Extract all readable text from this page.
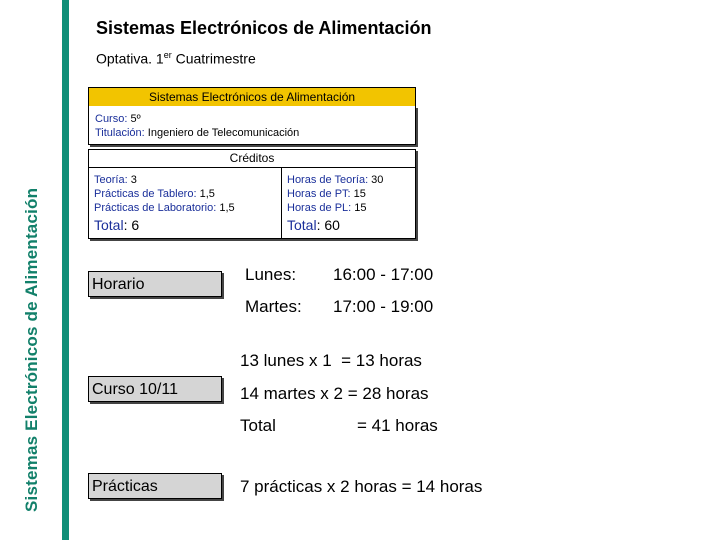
Sistemas Electrónicos de Alimentación
Sistemas Electrónicos de Alimentación
Optativa. 1er Cuatrimestre
Sistemas Electrónicos de Alimentación
Curso: 5º
Titulación: Ingeniero de Telecomunicación
Créditos
Teoría: 3
Prácticas de Tablero: 1,5
Prácticas de Laboratorio: 1,5
Total: 6
Horas de Teoría: 30
Horas de PT: 15
Horas de PL: 15
Total: 60
Horario
Lunes: 16:00 - 17:00
Martes: 17:00 - 19:00
Curso 10/11
13 lunes x 1  = 13 horas
14 martes x 2 = 28 horas
Total	= 41 horas
Prácticas	7 prácticas x 2 horas = 14 horas
